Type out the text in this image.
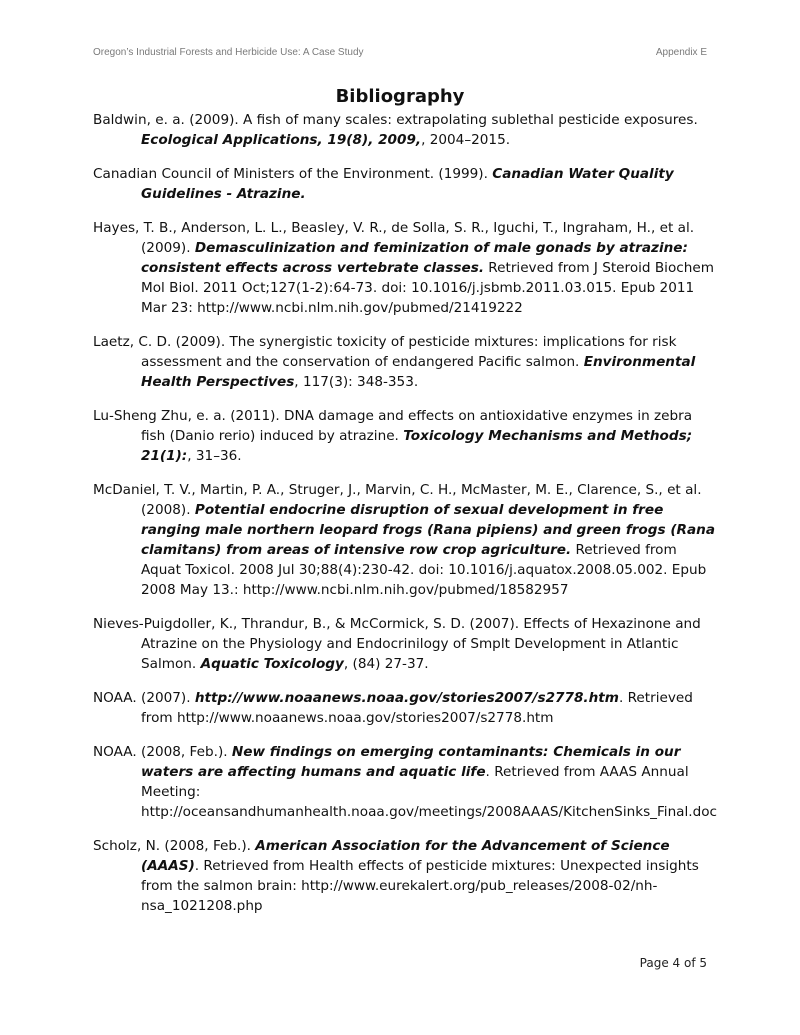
Oregon’s Industrial Forests and Herbicide Use: A Case Study	Appendix E
Bibliography

Baldwin, e. a. (2009). A fish of many scales: extrapolating sublethal pesticide exposures. Ecological Applications, 19(8), 2009,, 2004–2015.

Canadian Council of Ministers of the Environment. (1999). Canadian Water Quality Guidelines - Atrazine.

Hayes, T. B., Anderson, L. L., Beasley, V. R., de Solla, S. R., Iguchi, T., Ingraham, H., et al. (2009). Demasculinization and feminization of male gonads by atrazine: consistent effects across vertebrate classes. Retrieved from J Steroid Biochem Mol Biol. 2011 Oct;127(1-2):64-73. doi: 10.1016/j.jsbmb.2011.03.015. Epub 2011 Mar 23: http://www.ncbi.nlm.nih.gov/pubmed/21419222

Laetz, C. D. (2009). The synergistic toxicity of pesticide mixtures: implications for risk assessment and the conservation of endangered Pacific salmon. Environmental Health Perspectives, 117(3): 348-353.

Lu-Sheng Zhu, e. a. (2011). DNA damage and effects on antioxidative enzymes in zebra fish (Danio rerio) induced by atrazine. Toxicology Mechanisms and Methods; 21(1):, 31–36.

McDaniel, T. V., Martin, P. A., Struger, J., Marvin, C. H., McMaster, M. E., Clarence, S., et al. (2008). Potential endocrine disruption of sexual development in free ranging male northern leopard frogs (Rana pipiens) and green frogs (Rana clamitans) from areas of intensive row crop agriculture. Retrieved from Aquat Toxicol. 2008 Jul 30;88(4):230-42. doi: 10.1016/j.aquatox.2008.05.002. Epub 2008 May 13.: http://www.ncbi.nlm.nih.gov/pubmed/18582957

Nieves-Puigdoller, K., Thrandur, B., & McCormick, S. D. (2007). Effects of Hexazinone and Atrazine on the Physiology and Endocrinilogy of Smplt Development in Atlantic Salmon. Aquatic Toxicology, (84) 27-37.

NOAA. (2007). http://www.noaanews.noaa.gov/stories2007/s2778.htm. Retrieved from http://www.noaanews.noaa.gov/stories2007/s2778.htm

NOAA. (2008, Feb.). New findings on emerging contaminants: Chemicals in our waters are affecting humans and aquatic life. Retrieved from AAAS Annual Meeting: http://oceansandhumanhealth.noaa.gov/meetings/2008AAAS/KitchenSinks_Final.doc

Scholz, N. (2008, Feb.). American Association for the Advancement of Science (AAAS). Retrieved from Health effects of pesticide mixtures: Unexpected insights from the salmon brain: http://www.eurekalert.org/pub_releases/2008-02/nh-nsa_1021208.php

Page 4 of 5
